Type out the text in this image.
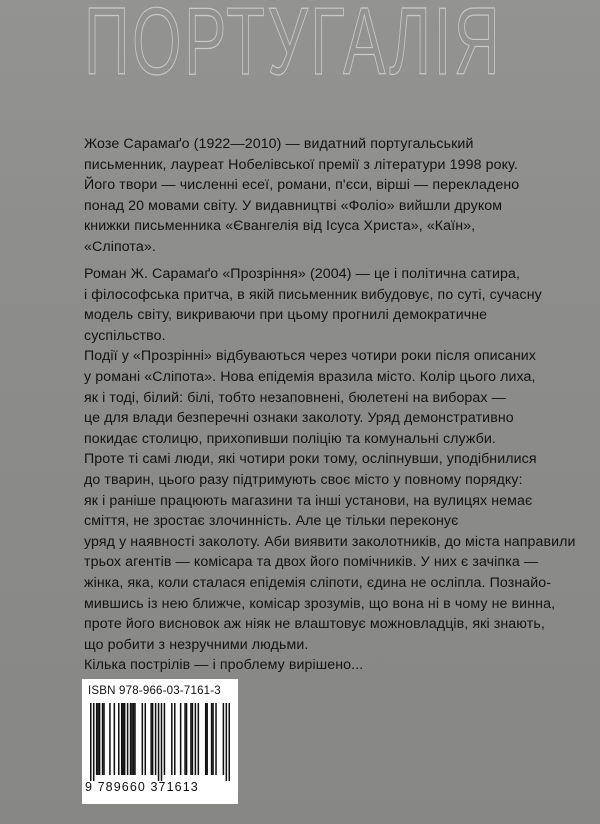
ПОРТУГАЛІЯ
Жозе Сарамаґо (1922—2010) — видатний португальський
письменник, лауреат Нобелівської премії з літератури 1998 року.
Його твори — численні есеї, романи, п'єси, вірші — перекладено
понад 20 мовами світу. У видавництві «Фоліо» вийшли друком
книжки письменника «Євангелія від Ісуса Христа», «Каїн»,
«Сліпота».
Роман Ж. Сарамаґо «Прозріння» (2004) — це і політична сатира,
і філософська притча, в якій письменник вибудовує, по суті, сучасну
модель світу, викриваючи при цьому прогнилі демократичне
суспільство.
Події у «Прозрінні» відбуваються через чотири роки після описаних
у романі «Сліпота». Нова епідемія вразила місто. Колір цього лиха,
як і тоді, білий: білі, тобто незаповнені, бюлетені на виборах —
це для влади безперечні ознаки заколоту. Уряд демонстративно
покидає столицю, прихопивши поліцію та комунальні служби.
Проте ті самі люди, які чотири роки тому, осліпнувши, уподібнилися
до тварин, цього разу підтримують своє місто у повному порядку:
як і раніше працюють магазини та інші установи, на вулицях немає
сміття, не зростає злочинність. Але це тільки переконує
уряд у наявності заколоту. Аби виявити заколотників, до міста направили
трьох агентів — комісара та двох його помічників. У них є зачіпка —
жінка, яка, коли сталася епідемія сліпоти, єдина не осліпла. Познайо-
мившись із нею ближче, комісар зрозумів, що вона ні в чому не винна,
проте його висновок аж ніяк не влаштовує можновладців, які знають,
що робити з незручними людьми.
Кілька пострілів — і проблему вирішено...
ISBN 978-966-03-7161-3
9 789660 371613
